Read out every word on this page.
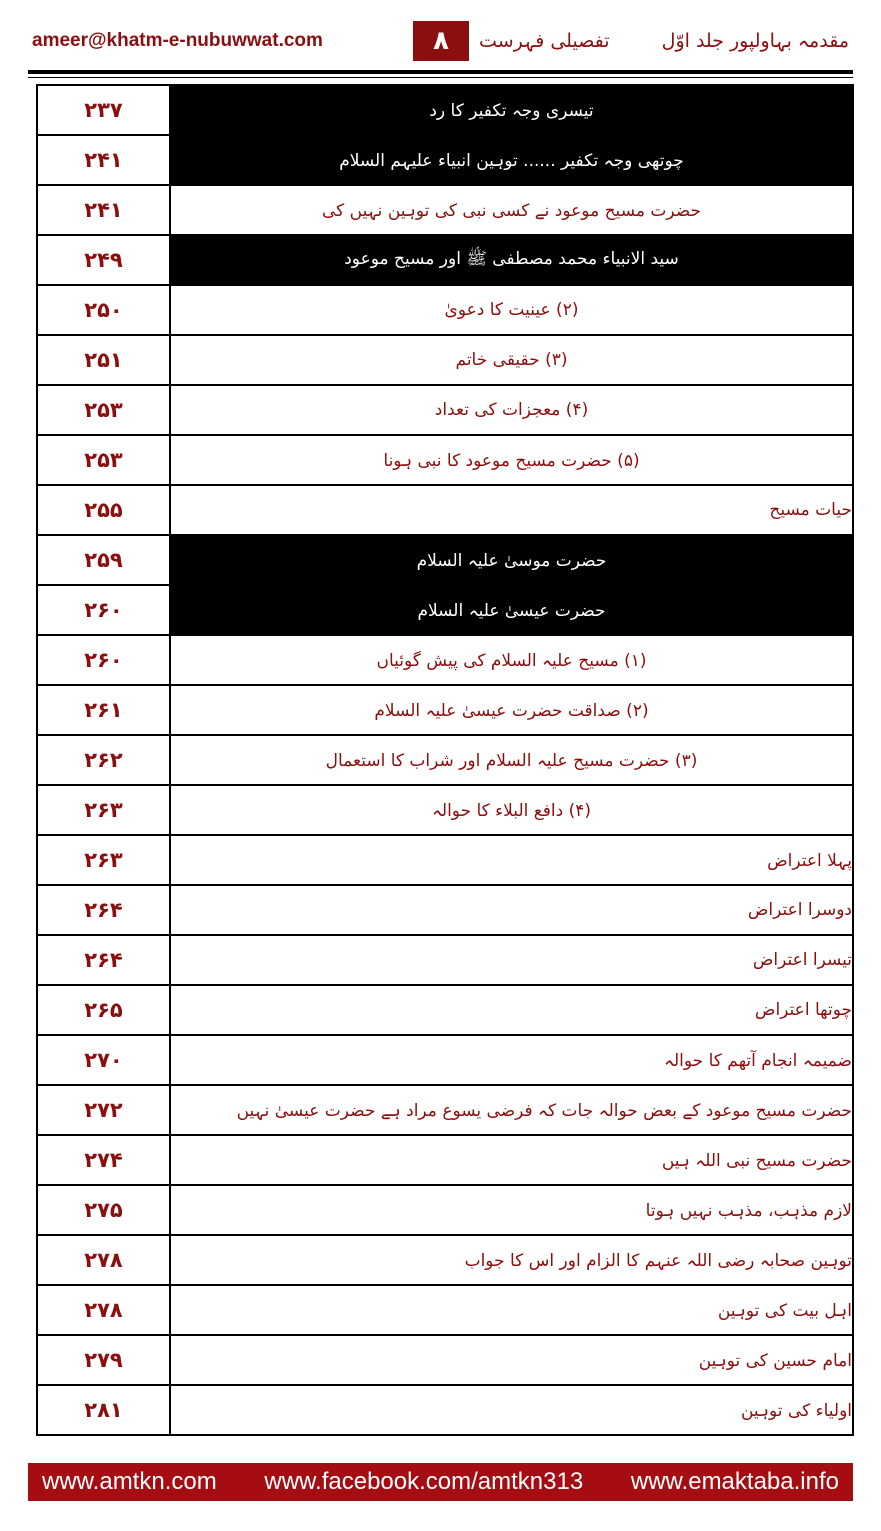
ameer@khatm-e-nubuwwat.com	۸	مقدمہ بہاولپور جلد اوّل تفصیلی فہرست
۲۳۷	تیسری وجہ تکفیر کا رد
۲۴۱	چوتھی وجہ تکفیر ...... توہین انبیاء علیہم السلام
۲۴۱	حضرت مسیح موعود نے کسی نبی کی توہین نہیں کی
۲۴۹	سید الانبیاء محمد مصطفی ﷺ اور مسیح موعود
۲۵۰	(۲) عینیت کا دعویٰ
۲۵۱	(۳) حقیقی خاتم
۲۵۳	(۴) معجزات کی تعداد
۲۵۳	(۵) حضرت مسیح موعود کا نبی ہونا
۲۵۵	حیات مسیح
۲۵۹	حضرت موسیٰ علیہ السلام
۲۶۰	حضرت عیسیٰ علیہ السلام
۲۶۰	(۱) مسیح علیہ السلام کی پیش گوئیاں
۲۶۱	(۲) صداقت حضرت عیسیٰ علیہ السلام
۲۶۲	(۳) حضرت مسیح علیہ السلام اور شراب کا استعمال
۲۶۳	(۴) دافع البلاء کا حوالہ
۲۶۳	پہلا اعتراض
۲۶۴	دوسرا اعتراض
۲۶۴	تیسرا اعتراض
۲۶۵	چوتھا اعتراض
۲۷۰	ضمیمہ انجام آتھم کا حوالہ
۲۷۲	حضرت مسیح موعود کے بعض حوالہ جات کہ فرضی یسوع مراد ہے حضرت عیسیٰ نہیں
۲۷۴	حضرت مسیح نبی اللہ ہیں
۲۷۵	لازم مذہب، مذہب نہیں ہوتا
۲۷۸	توہین صحابہ رضی اللہ عنہم کا الزام اور اس کا جواب
۲۷۸	اہل بیت کی توہین
۲۷۹	امام حسین کی توہین
۲۸۱	اولیاء کی توہین
www.amtkn.com www.facebook.com/amtkn313 www.emaktaba.info
